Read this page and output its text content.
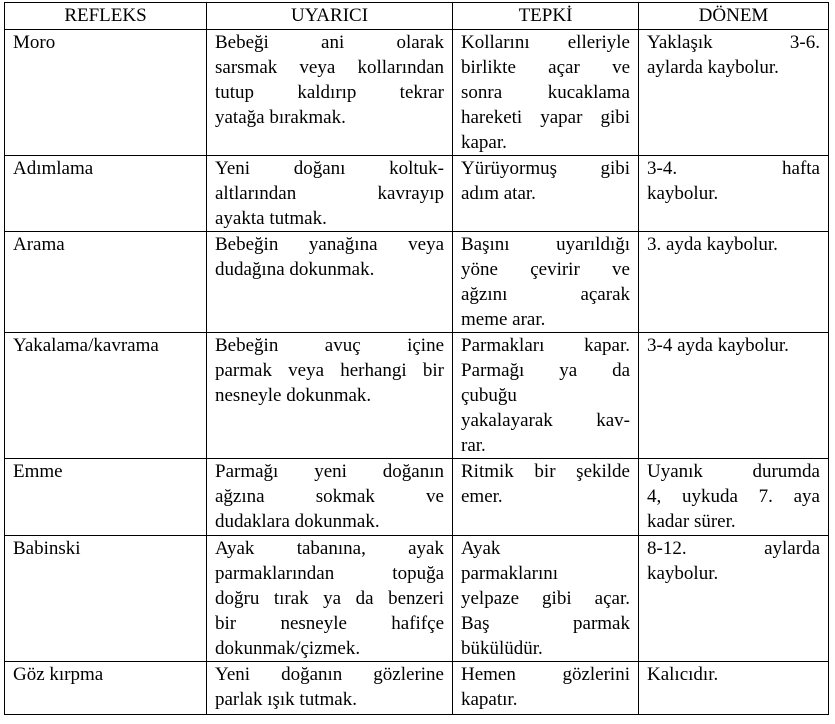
REFLEKS	UYARICI	TEPKİ	DÖNEM
Moro	Bebeği ani olarak
sarsmak veya kollarından
tutup kaldırıp tekrar
yatağa bırakmak.	Kollarını elleriyle
birlikte açar ve
sonra kucaklama
hareketi yapar gibi
kapar.	Yaklaşık 3-6.
aylarda kaybolur.

Adımlama	Yeni doğanı koltuk-
altlarından kavrayıp
ayakta tutmak.	Yürüyormuş gibi
adım atar.	3-4. hafta
kaybolur.

Arama	Bebeğin yanağına veya
dudağına dokunmak.	Başını uyarıldığı
yöne çevirir ve
ağzını açarak
meme arar.	3. ayda kaybolur.

Yakalama/kavrama	Bebeğin avuç içine
parmak veya herhangi bir
nesneyle dokunmak.	Parmakları kapar.
Parmağı ya da
çubuğu
yakalayarak kav-
rar.	3-4 ayda kaybolur.

Emme	Parmağı yeni doğanın
ağzına sokmak ve
dudaklara dokunmak.	Ritmik bir şekilde
emer.	Uyanık durumda
4, uykuda 7. aya
kadar sürer.

Babinski	Ayak tabanına, ayak
parmaklarından topuğa
doğru tırak ya da benzeri
bir nesneyle hafifçe
dokunmak/çizmek.	Ayak
parmaklarını
yelpaze gibi açar.
Baş parmak
bükülüdür.	8-12. aylarda
kaybolur.

Göz kırpma	Yeni doğanın gözlerine
parlak ışık tutmak.	Hemen gözlerini
kapatır.	Kalıcıdır.
